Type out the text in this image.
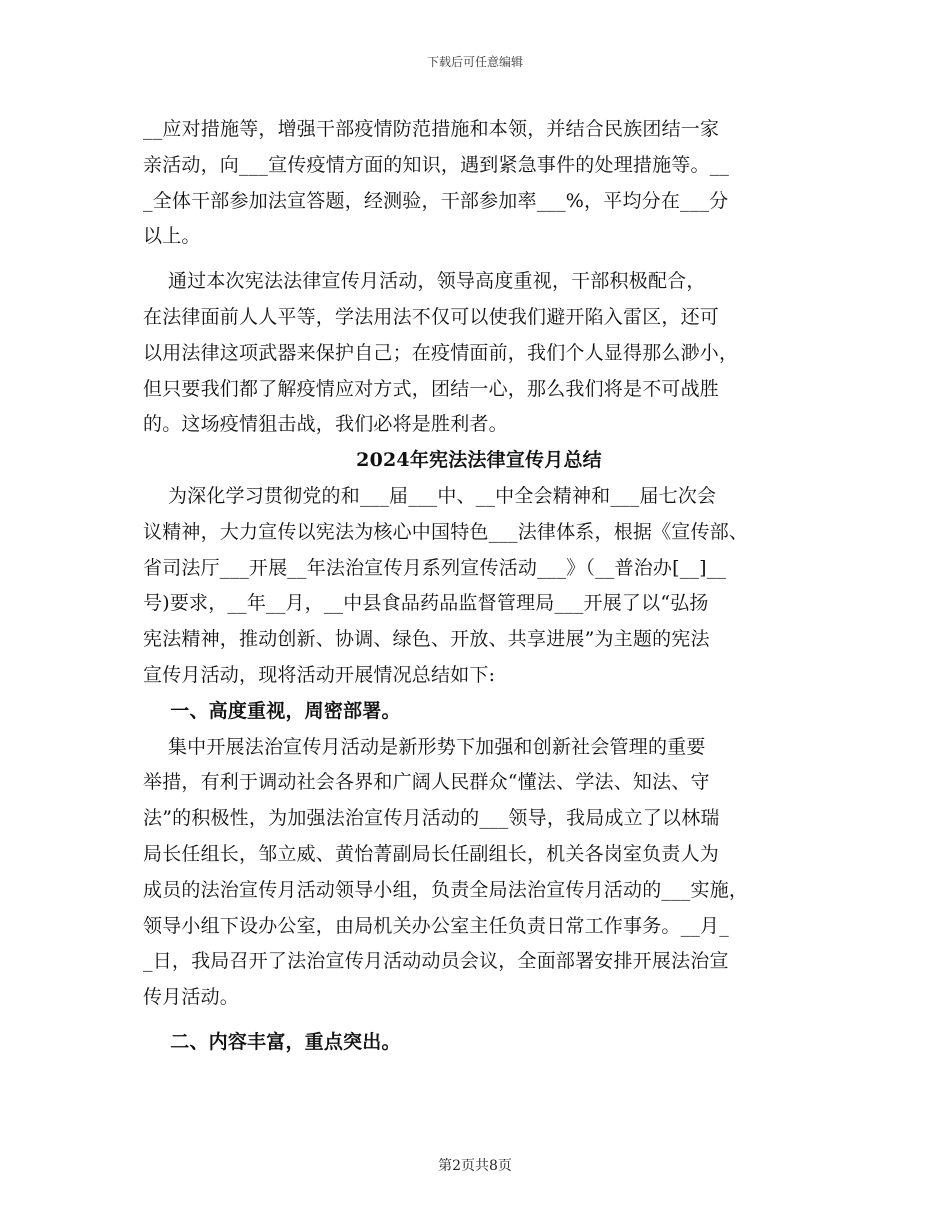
下载后可任意编辑
__应对措施等，增强干部疫情防范措施和本领，并结合民族团结一家
亲活动，向___宣传疫情方面的知识，遇到紧急事件的处理措施等。__
_全体干部参加法宣答题，经测验，干部参加率___%，平均分在___分
以上。
通过本次宪法法律宣传月活动，领导高度重视，干部积极配合，
在法律面前人人平等，学法用法不仅可以使我们避开陷入雷区，还可
以用法律这项武器来保护自己；在疫情面前，我们个人显得那么渺小，
但只要我们都了解疫情应对方式，团结一心，那么我们将是不可战胜
的。这场疫情狙击战，我们必将是胜利者。
2024年宪法法律宣传月总结
为深化学习贯彻党的和___届___中、__中全会精神和___届七次会
议精神，大力宣传以宪法为核心中国特色___法律体系，根据《宣传部、
省司法厅___开展__年法治宣传月系列宣传活动___》（__普治办[__]__
号)要求，__年__月，__中县食品药品监督管理局___开展了以“弘扬
宪法精神，推动创新、协调、绿色、开放、共享进展”为主题的宪法
宣传月活动，现将活动开展情况总结如下:
一、高度重视，周密部署。
集中开展法治宣传月活动是新形势下加强和创新社会管理的重要
举措，有利于调动社会各界和广阔人民群众“懂法、学法、知法、守
法”的积极性，为加强法治宣传月活动的___领导，我局成立了以林瑞
局长任组长，邹立威、黄怡菁副局长任副组长，机关各岗室负责人为
成员的法治宣传月活动领导小组，负责全局法治宣传月活动的___实施，
领导小组下设办公室，由局机关办公室主任负责日常工作事务。__月_
_日，我局召开了法治宣传月活动动员会议，全面部署安排开展法治宣
传月活动。
二、内容丰富，重点突出。
第2页共8页
